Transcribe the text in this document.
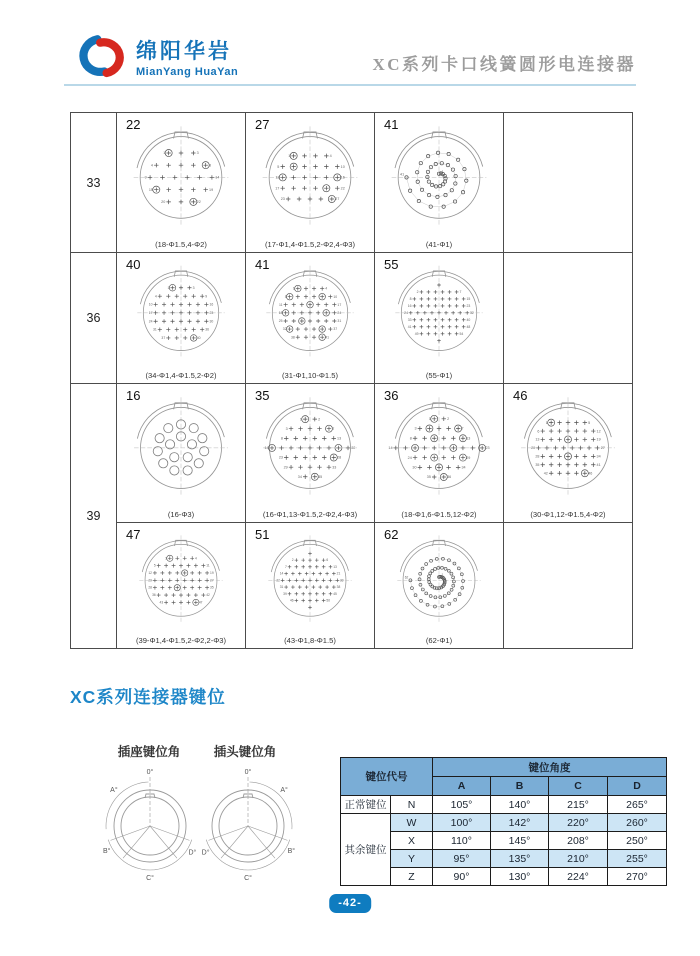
绵阳华岩
MianYang HuaYan	XC系列卡口线簧圆形电连接器
33
22
1	3
4	8
9	14
15	19
20	22
(18-Φ1.5,4-Φ2)
27
1	4
5	10
11	16
17	22
23	27
(17-Φ1,4-Φ1.5,2-Φ2,4-Φ3)
41
1
41
(41-Φ1)
36
40
1	3
4	9
10	16
17	23
24	30
31	36
37	40
(34-Φ1,4-Φ1.5,2-Φ2)
41
1	4
5	10
11	17
18	24
25	31
32	37
38	41
(31-Φ1,10-Φ1.5)
55
2	7
8	15
16	23
24	32
33	40
41	48
49	54
(55-Φ1)
39
16
(16-Φ3)
35
1	2
3	7
8	13
14	22
23	28
29	33
34	35
(16-Φ1,13-Φ1.5,2-Φ2,4-Φ3)
36
1	2
3	7
8	13
14	23
24	29
30	34
35	36
(18-Φ1,6-Φ1.5,12-Φ2)
46
1	5
6	12
13	19
20	27
28	34
35	41
42	46
(30-Φ1,12-Φ1.5,4-Φ2)
47
1	4
5	11
12	19
20	27
28	35
36	42
43	47
(39-Φ1,4-Φ1.5,2-Φ2,2-Φ3)
51
2	6
7	13
14	21
22	30
31	38
39	45
46	50
(43-Φ1,8-Φ1.5)
62
1
62
(62-Φ1)
XC系列连接器键位
插座键位角	插头键位角
0°
A°
B°
C°
D°
0°
A°
B°
C°
D°
键位代号		键位角度			
		A	B	C	D
正常键位	N	105°	140°	215°	265°
其余键位	W	100°	142°	220°	260°
	X	110°	145°	208°	250°
	Y	95°	135°	210°	255°
	Z	90°	130°	224°	270°
-42-
